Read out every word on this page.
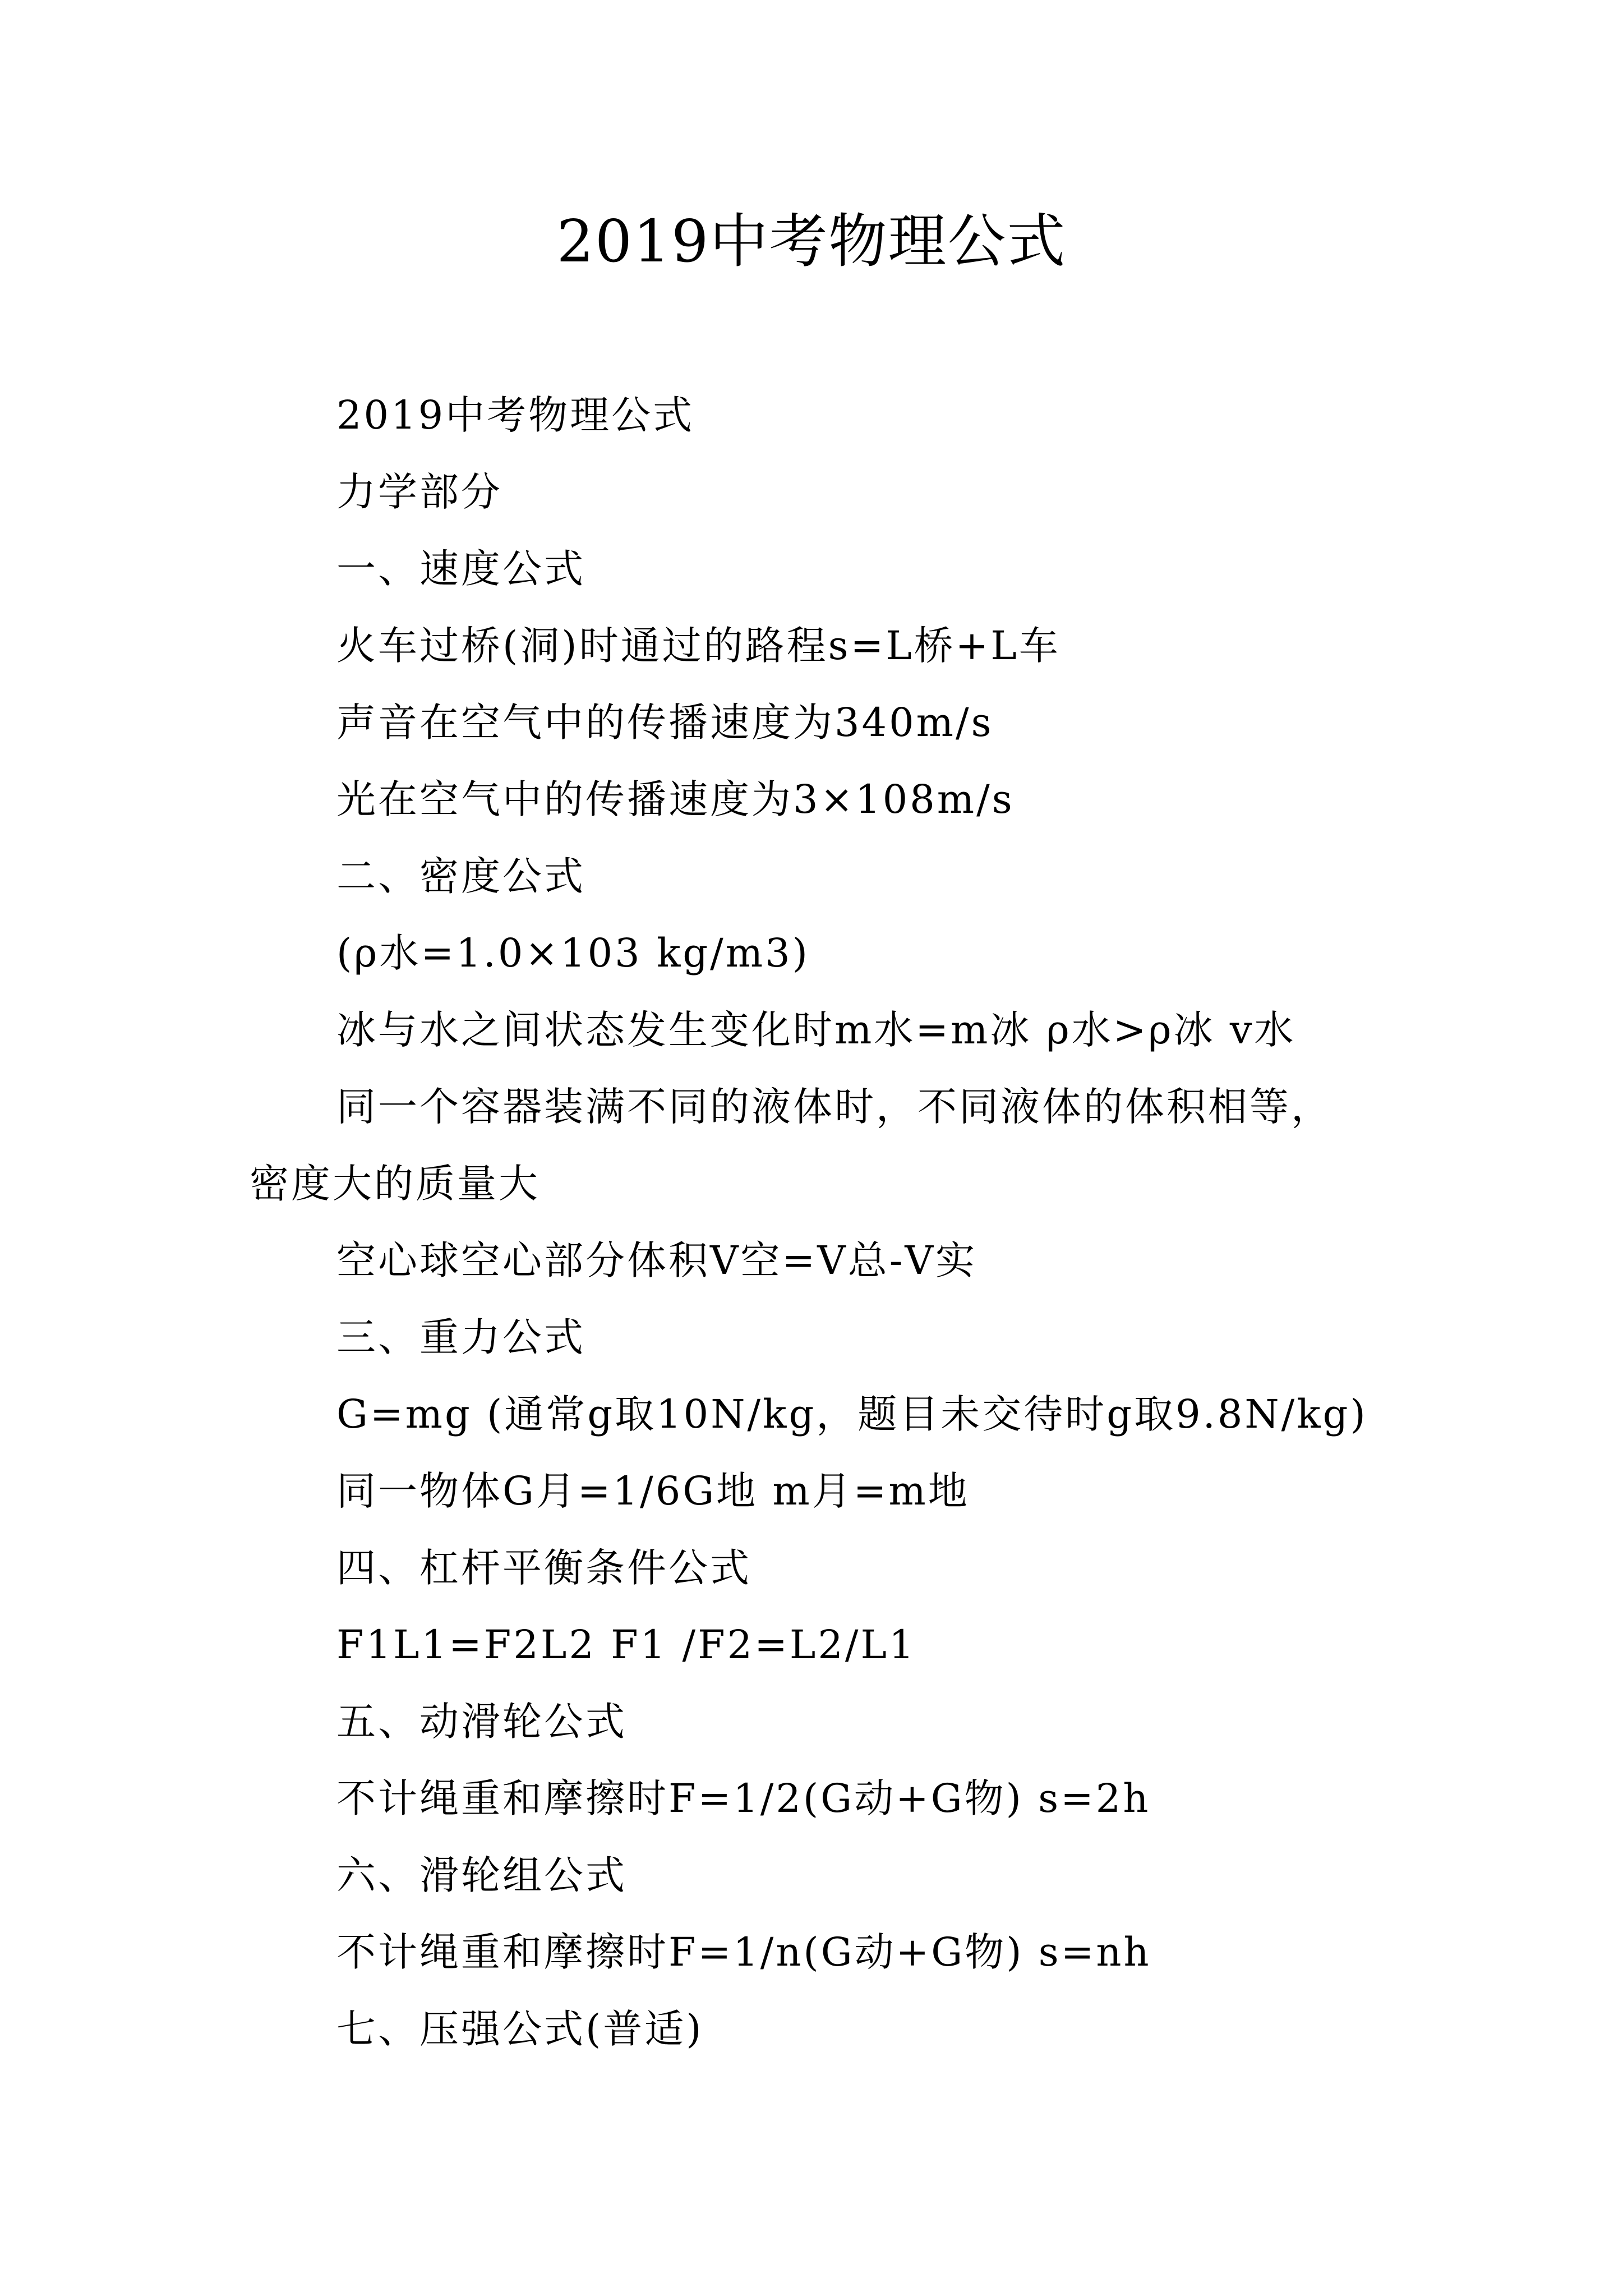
2019中考物理公式
2019中考物理公式
力学部分
一、速度公式
火车过桥(洞)时通过的路程s=L桥+L车
声音在空气中的传播速度为340m/s
光在空气中的传播速度为3×108m/s
二、密度公式
(ρ水=1.0×103 kg/m3)
冰与水之间状态发生变化时m水=m冰 ρ水>ρ冰 v水
同一个容器装满不同的液体时，不同液体的体积相等，
密度大的质量大
空心球空心部分体积V空=V总-V实
三、重力公式
G=mg (通常g取10N/kg，题目未交待时g取9.8N/kg)
同一物体G月=1/6G地 m月=m地
四、杠杆平衡条件公式
F1L1=F2L2 F1 /F2=L2/L1
五、动滑轮公式
不计绳重和摩擦时F=1/2(G动+G物) s=2h
六、滑轮组公式
不计绳重和摩擦时F=1/n(G动+G物) s=nh
七、压强公式(普适)
